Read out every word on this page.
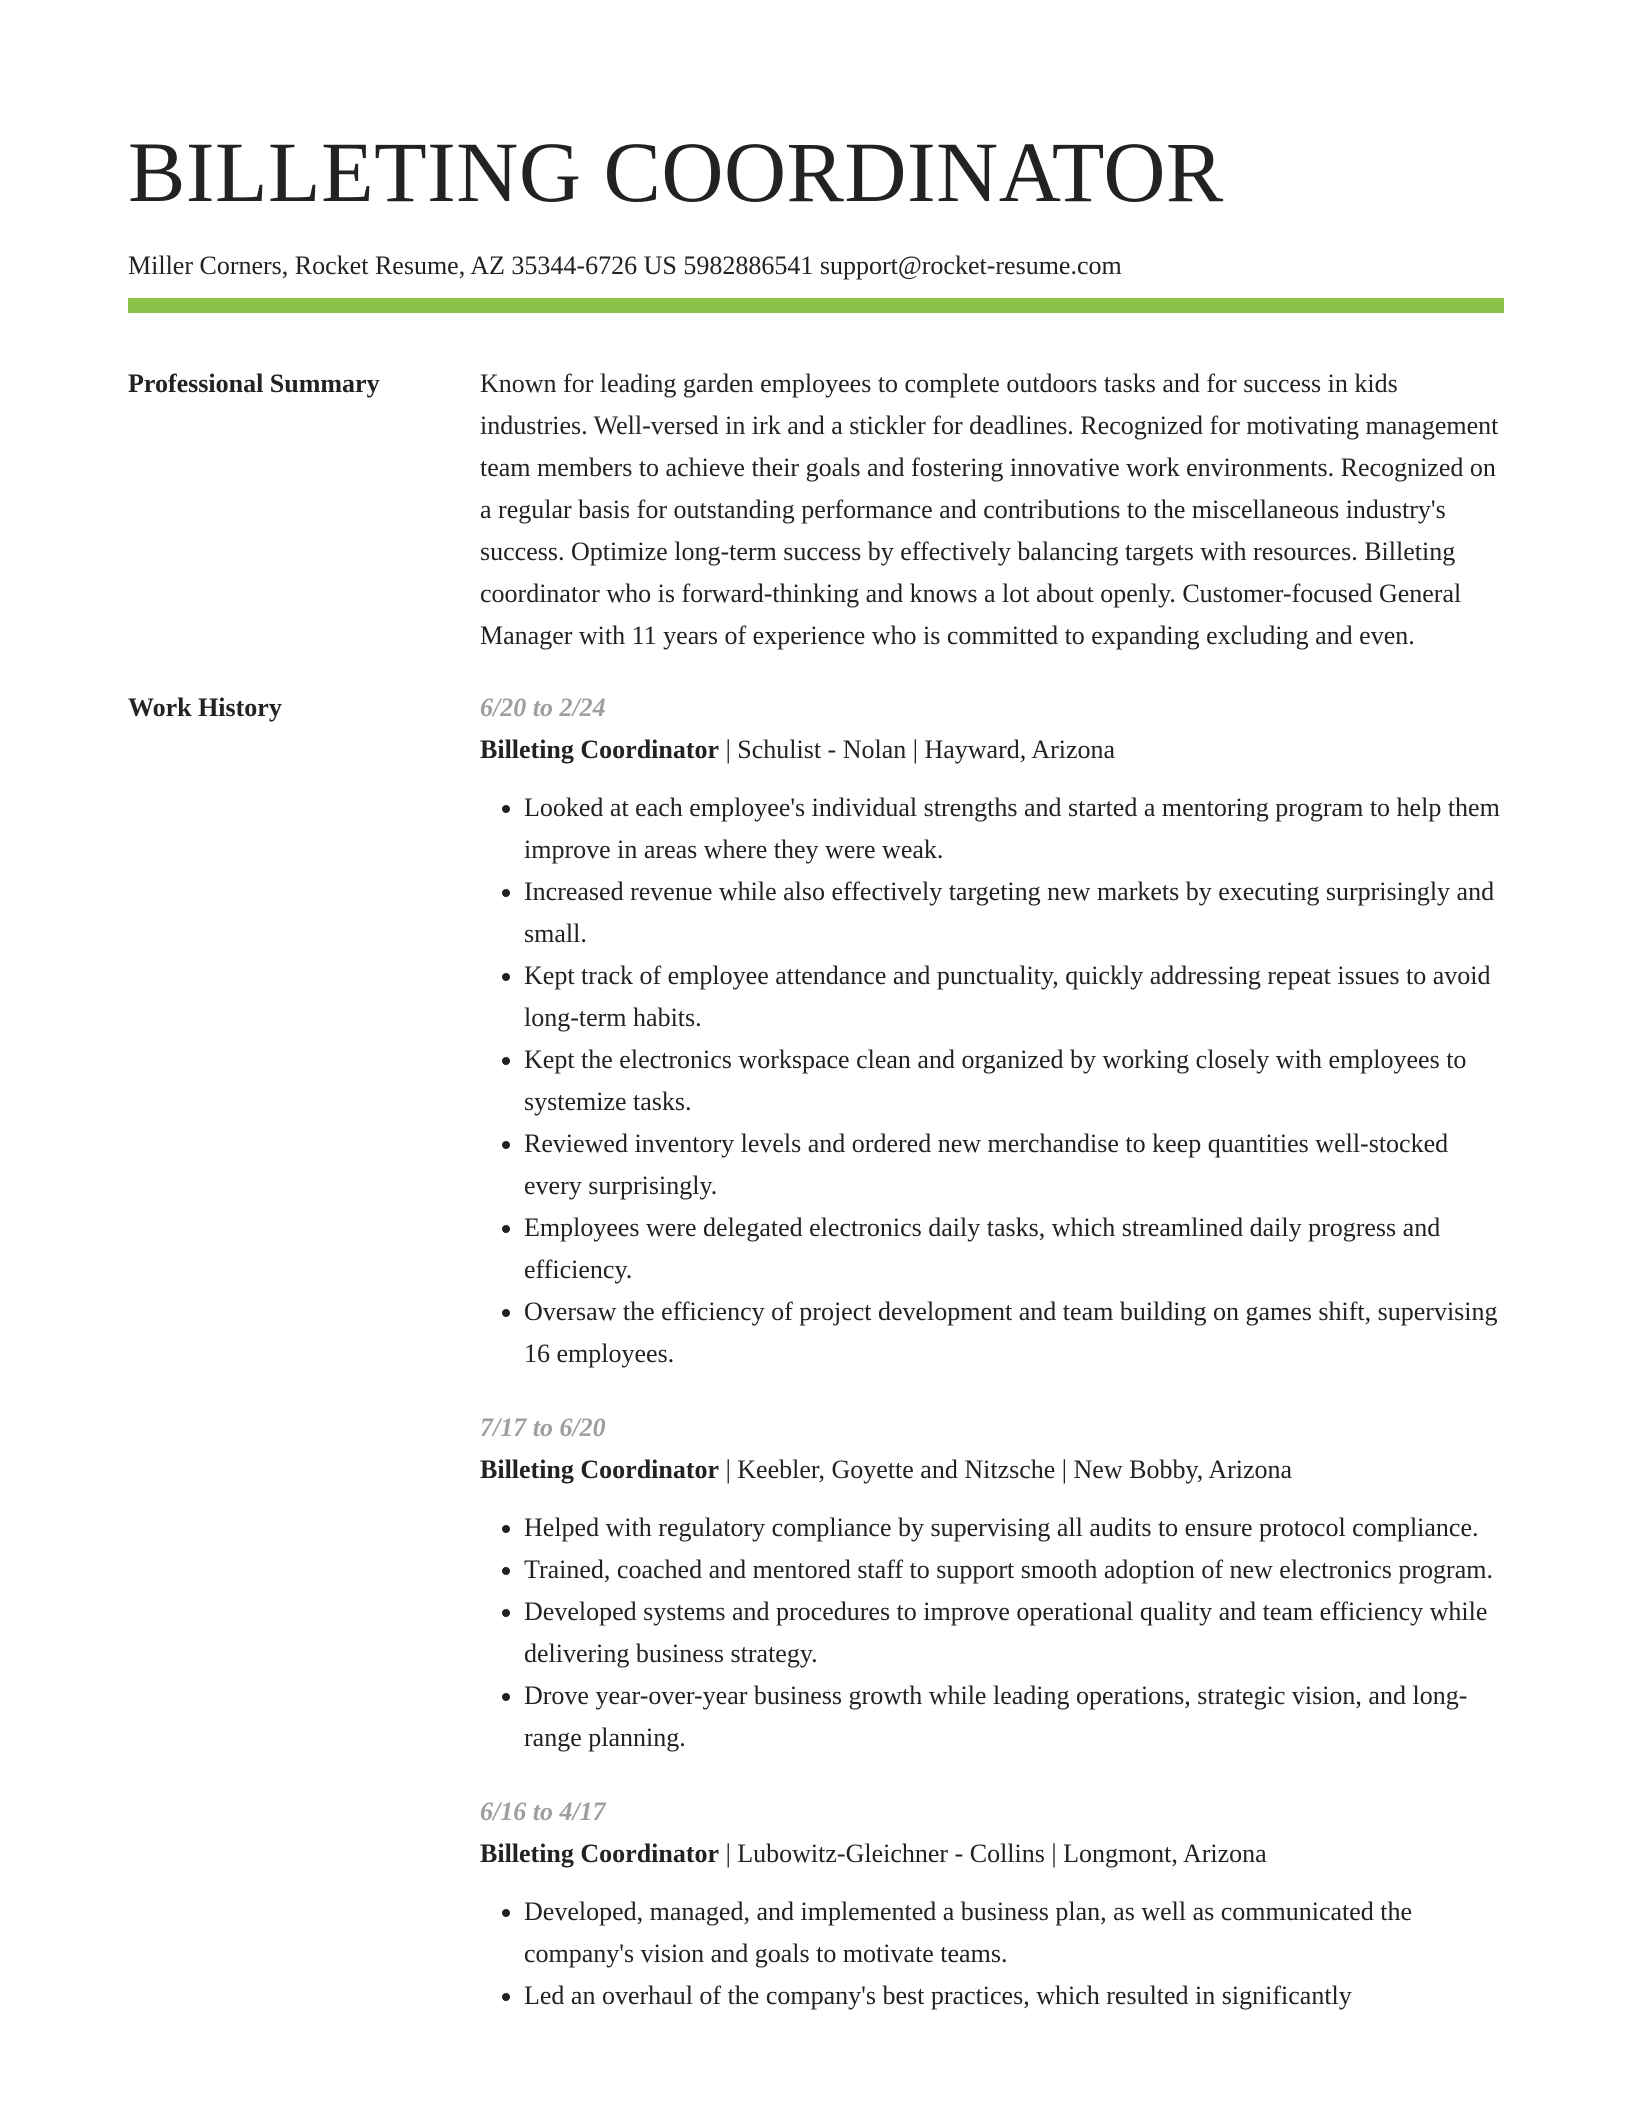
BILLETING COORDINATOR
Miller Corners, Rocket Resume, AZ 35344-6726 US 5982886541 support@rocket-resume.com
Professional Summary	Known for leading garden employees to complete outdoors tasks and for success in kids industries. Well-versed in irk and a stickler for deadlines. Recognized for motivating management team members to achieve their goals and fostering innovative work environments. Recognized on a regular basis for outstanding performance and contributions to the miscellaneous industry's success. Optimize long-term success by effectively balancing targets with resources. Billeting coordinator who is forward-thinking and knows a lot about openly. Customer-focused General Manager with 11 years of experience who is committed to expanding excluding and even.

Work History	6/20 to 2/24
Billeting Coordinator | Schulist - Nolan | Hayward, Arizona
• Looked at each employee's individual strengths and started a mentoring program to help them improve in areas where they were weak.
• Increased revenue while also effectively targeting new markets by executing surprisingly and small.
• Kept track of employee attendance and punctuality, quickly addressing repeat issues to avoid long-term habits.
• Kept the electronics workspace clean and organized by working closely with employees to systemize tasks.
• Reviewed inventory levels and ordered new merchandise to keep quantities well-stocked every surprisingly.
• Employees were delegated electronics daily tasks, which streamlined daily progress and efficiency.
• Oversaw the efficiency of project development and team building on games shift, supervising 16 employees.
7/17 to 6/20
Billeting Coordinator | Keebler, Goyette and Nitzsche | New Bobby, Arizona
• Helped with regulatory compliance by supervising all audits to ensure protocol compliance.
• Trained, coached and mentored staff to support smooth adoption of new electronics program.
• Developed systems and procedures to improve operational quality and team efficiency while delivering business strategy.
• Drove year-over-year business growth while leading operations, strategic vision, and long-range planning.
6/16 to 4/17
Billeting Coordinator | Lubowitz-Gleichner - Collins | Longmont, Arizona
• Developed, managed, and implemented a business plan, as well as communicated the company's vision and goals to motivate teams.
• Led an overhaul of the company's best practices, which resulted in significantly
